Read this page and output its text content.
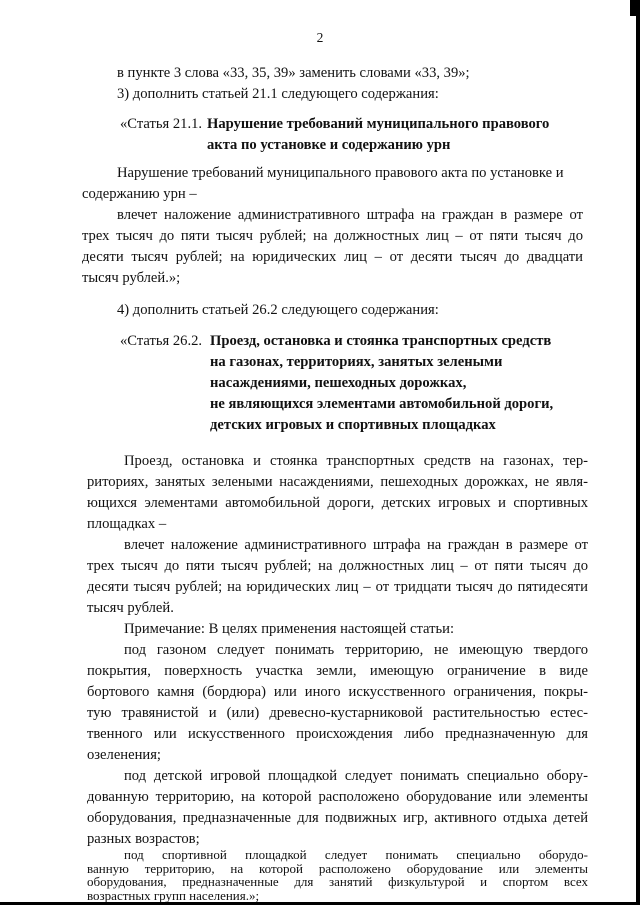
2
в пункте 3 слова «33, 35, 39» заменить словами «33, 39»;
3) дополнить статьей 21.1 следующего содержания:
«Статья 21.1. Нарушение требований муниципального правового
акта по установке и содержанию урн
Нарушение требований муниципального правового акта по установке и
содержанию урн –
влечет наложение административного штрафа на граждан в размере от
трех тысяч до пяти тысяч рублей; на должностных лиц – от пяти тысяч до
десяти тысяч рублей; на юридических лиц – от десяти тысяч до двадцати
тысяч рублей.»;
4) дополнить статьей 26.2 следующего содержания:
«Статья 26.2. Проезд, остановка и стоянка транспортных средств
на газонах, территориях, занятых зелеными
насаждениями, пешеходных дорожках,
не являющихся элементами автомобильной дороги,
детских игровых и спортивных площадках
Проезд, остановка и стоянка транспортных средств на газонах, тер-
риториях, занятых зелеными насаждениями, пешеходных дорожках, не явля-
ющихся элементами автомобильной дороги, детских игровых и спортивных
площадках –
влечет наложение административного штрафа на граждан в размере от
трех тысяч до пяти тысяч рублей; на должностных лиц – от пяти тысяч до
десяти тысяч рублей; на юридических лиц – от тридцати тысяч до пятидесяти
тысяч рублей.
Примечание: В целях применения настоящей статьи:
под газоном следует понимать территорию, не имеющую твердого
покрытия, поверхность участка земли, имеющую ограничение в виде
бортового камня (бордюра) или иного искусственного ограничения, покры-
тую травянистой и (или) древесно-кустарниковой растительностью естес-
твенного или искусственного происхождения либо предназначенную для
озеленения;
под детской игровой площадкой следует понимать специально обору-
дованную территорию, на которой расположено оборудование или элементы
оборудования, предназначенные для подвижных игр, активного отдыха детей
разных возрастов;
под спортивной площадкой следует понимать специально оборудо-
ванную территорию, на которой расположено оборудование или элементы
оборудования, предназначенные для занятий физкультурой и спортом всех
возрастных групп населения.»;
